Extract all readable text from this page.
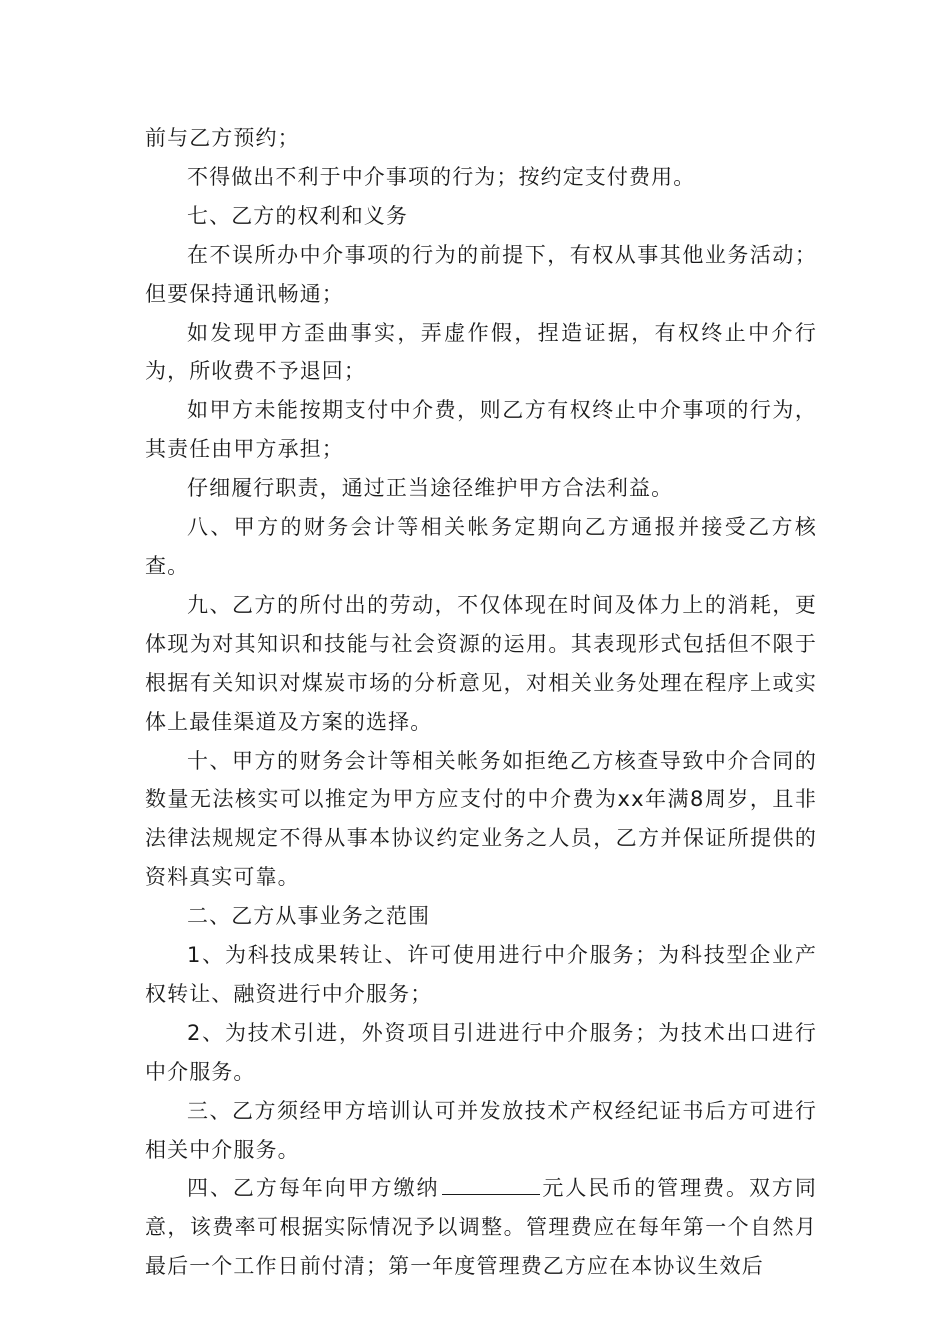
前与乙方预约；

不得做出不利于中介事项的行为；按约定支付费用。

七、乙方的权利和义务

在不误所办中介事项的行为的前提下，有权从事其他业务活动；但要保持通讯畅通；

如发现甲方歪曲事实，弄虚作假，捏造证据，有权终止中介行为，所收费不予退回；

如甲方未能按期支付中介费，则乙方有权终止中介事项的行为，其责任由甲方承担；

仔细履行职责，通过正当途径维护甲方合法利益。

八、甲方的财务会计等相关帐务定期向乙方通报并接受乙方核查。

九、乙方的所付出的劳动，不仅体现在时间及体力上的消耗，更体现为对其知识和技能与社会资源的运用。其表现形式包括但不限于根据有关知识对煤炭市场的分析意见，对相关业务处理在程序上或实体上最佳渠道及方案的选择。

十、甲方的财务会计等相关帐务如拒绝乙方核查导致中介合同的数量无法核实可以推定为甲方应支付的中介费为xx年满8周岁，且非法律法规规定不得从事本协议约定业务之人员，乙方并保证所提供的资料真实可靠。

二、乙方从事业务之范围

1、为科技成果转让、许可使用进行中介服务；为科技型企业产权转让、融资进行中介服务；

2、为技术引进，外资项目引进进行中介服务；为技术出口进行中介服务。

三、乙方须经甲方培训认可并发放技术产权经纪证书后方可进行相关中介服务。

四、乙方每年向甲方缴纳	元人民币的管理费。双方同意，该费率可根据实际情况予以调整。管理费应在每年第一个自然月最后一个工作日前付清；第一年度管理费乙方应在本协议生效后
